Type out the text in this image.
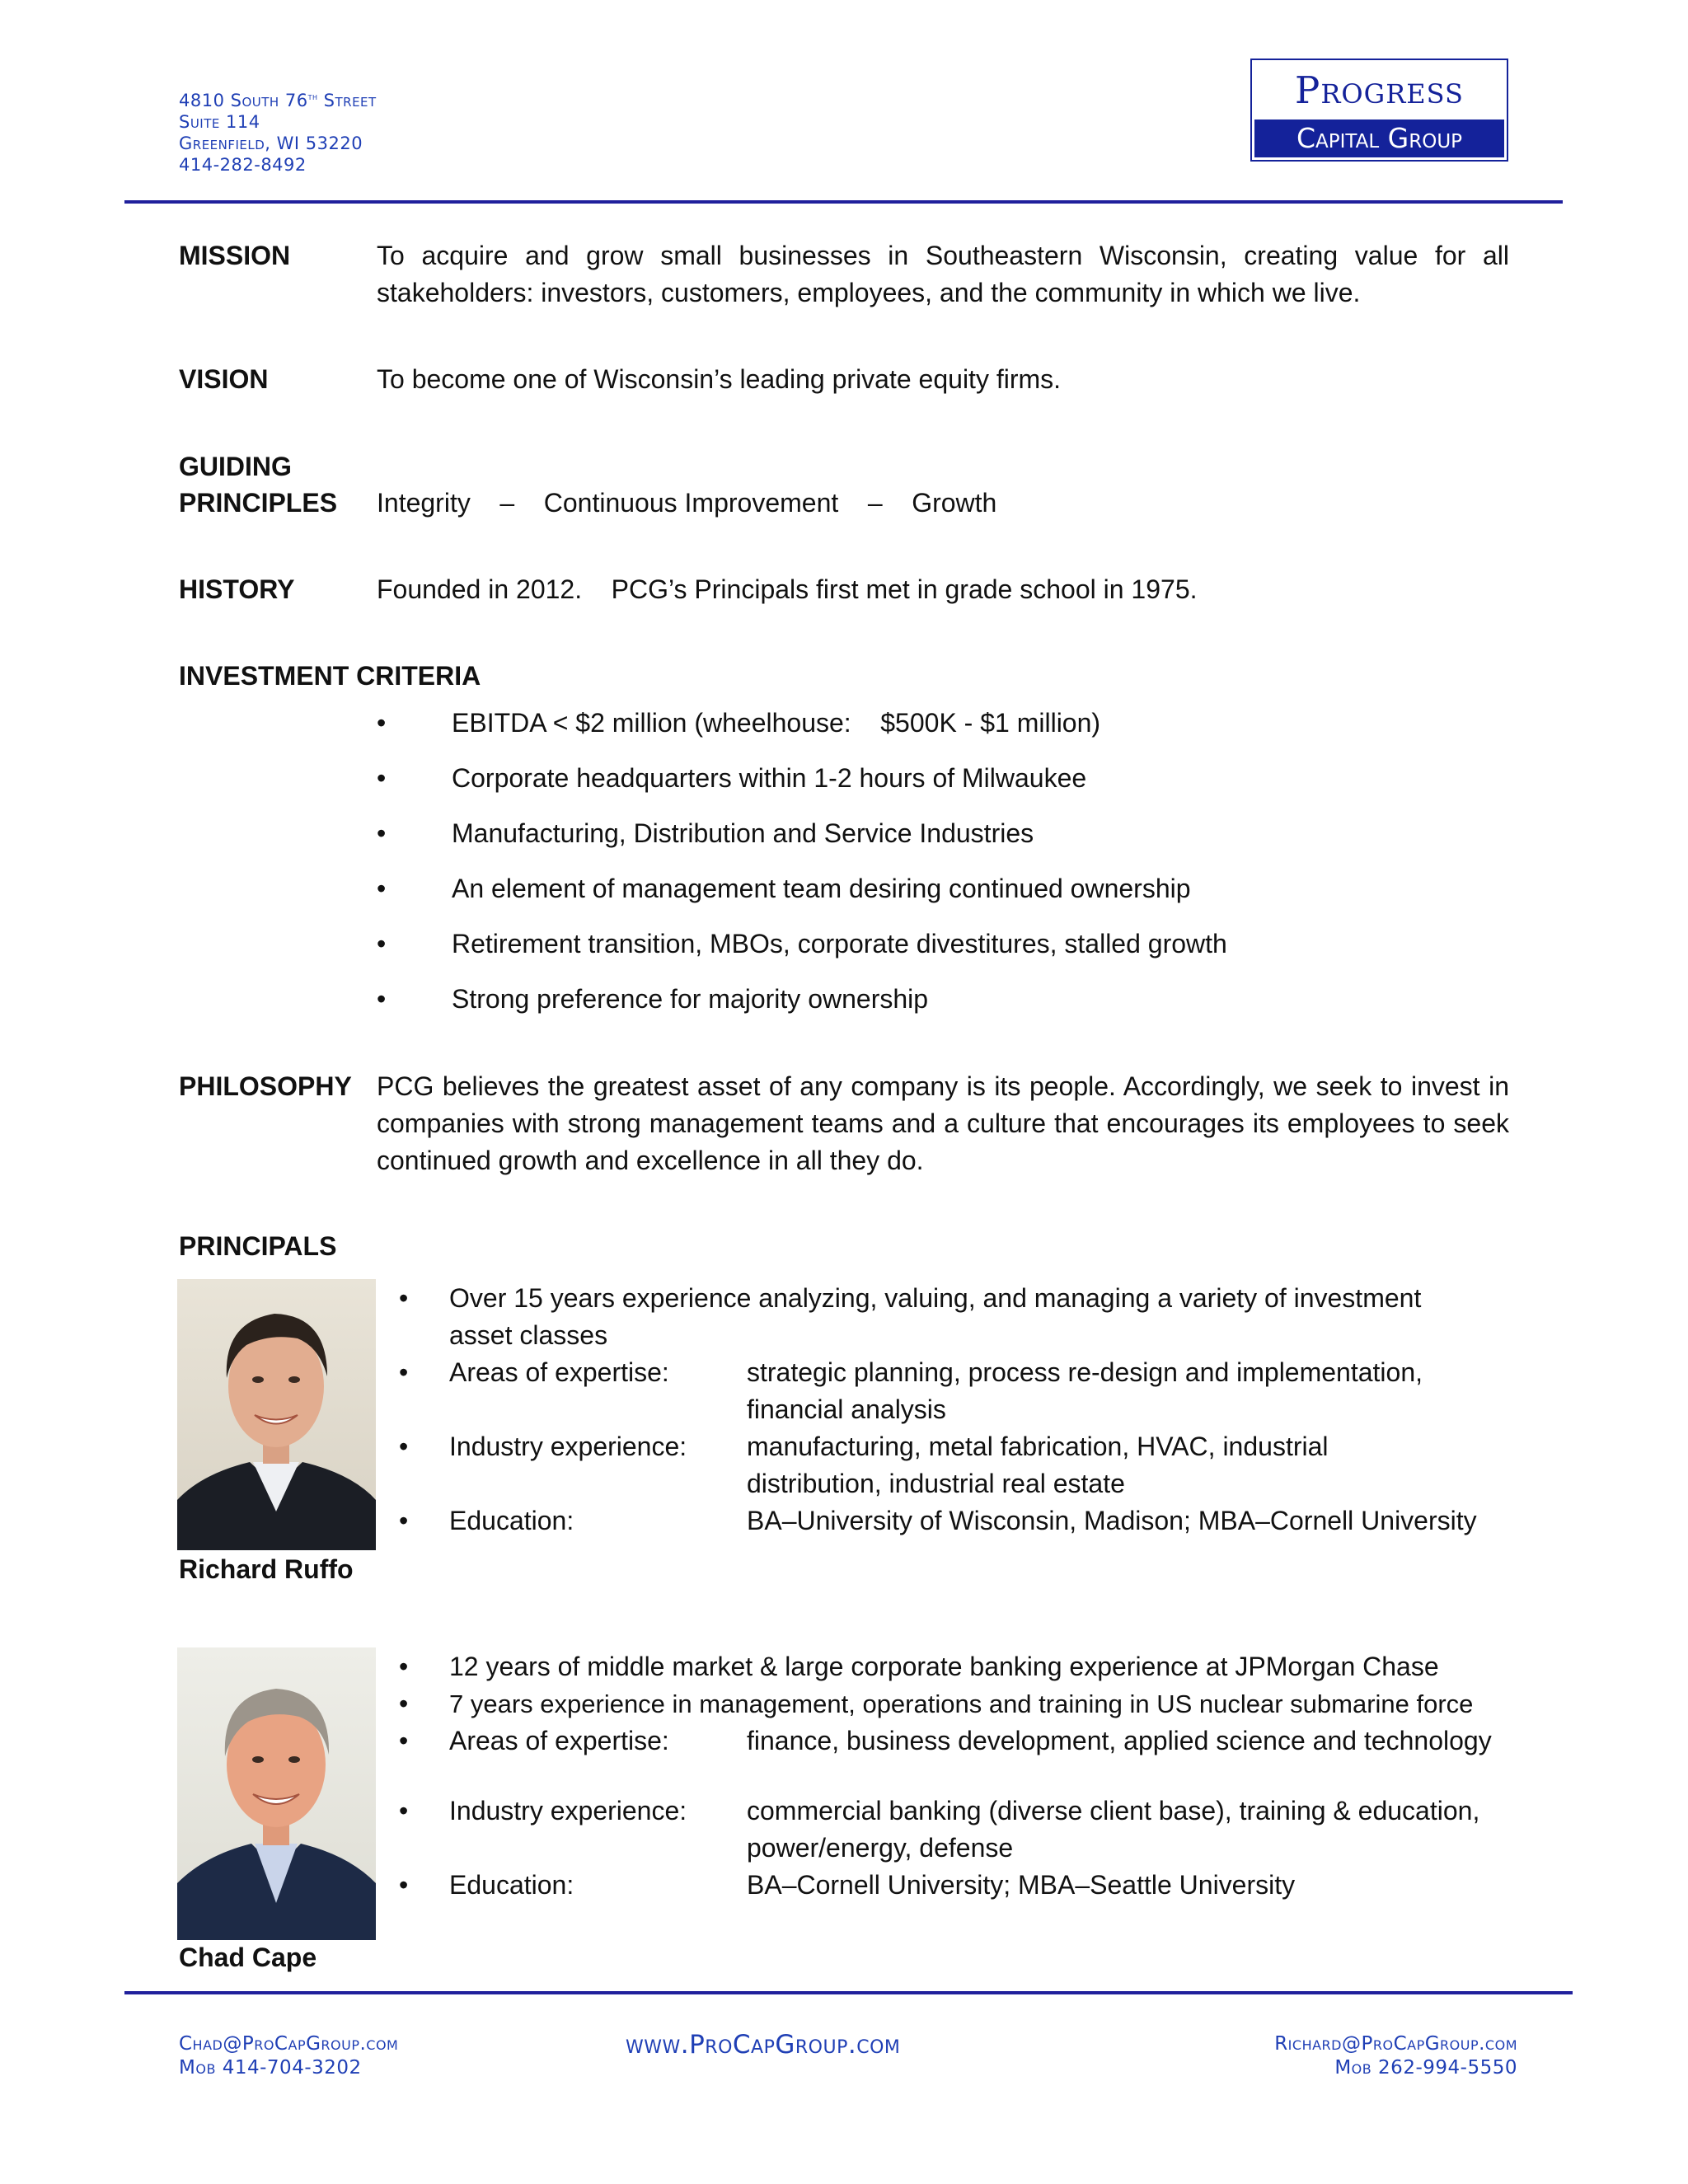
4810 South 76th Street
Suite 114
Greenfield, WI 53220
414-282-8492
Progress
Capital Group
MISSION	To acquire and grow small businesses in Southeastern Wisconsin, creating value for all stakeholders: investors, customers, employees, and the community in which we live.
VISION	To become one of Wisconsin’s leading private equity firms.
GUIDING
PRINCIPLES Integrity    –    Continuous Improvement    –    Growth
HISTORY	Founded in 2012.    PCG’s Principals first met in grade school in 1975.
INVESTMENT CRITERIA
• EBITDA < $2 million (wheelhouse:    $500K - $1 million)
• Corporate headquarters within 1-2 hours of Milwaukee
• Manufacturing, Distribution and Service Industries
• An element of management team desiring continued ownership
• Retirement transition, MBOs, corporate divestitures, stalled growth
• Strong preference for majority ownership
PHILOSOPHY PCG believes the greatest asset of any company is its people. Accordingly, we seek to invest in companies with strong management teams and a culture that encourages its employees to seek continued growth and excellence in all they do.
PRINCIPALS
Richard Ruffo
• Over 15 years experience analyzing, valuing, and managing a variety of investment
asset classes
• Areas of expertise:	strategic planning, process re-design and implementation,
financial analysis
• Industry experience: manufacturing, metal fabrication, HVAC, industrial
distribution, industrial real estate
• Education:	BA–University of Wisconsin, Madison; MBA–Cornell University
Chad Cape
• 12 years of middle market & large corporate banking experience at JPMorgan Chase
• 7 years experience in management, operations and training in US nuclear submarine force
• Areas of expertise:	finance, business development, applied science and technology
• Industry experience: commercial banking (diverse client base), training & education,
power/energy, defense
• Education:	BA–Cornell University; MBA–Seattle University
Chad@ProCapGroup.com
Mob 414-704-3202
www.ProCapGroup.com	Richard@ProCapGroup.com
Mob 262-994-5550
